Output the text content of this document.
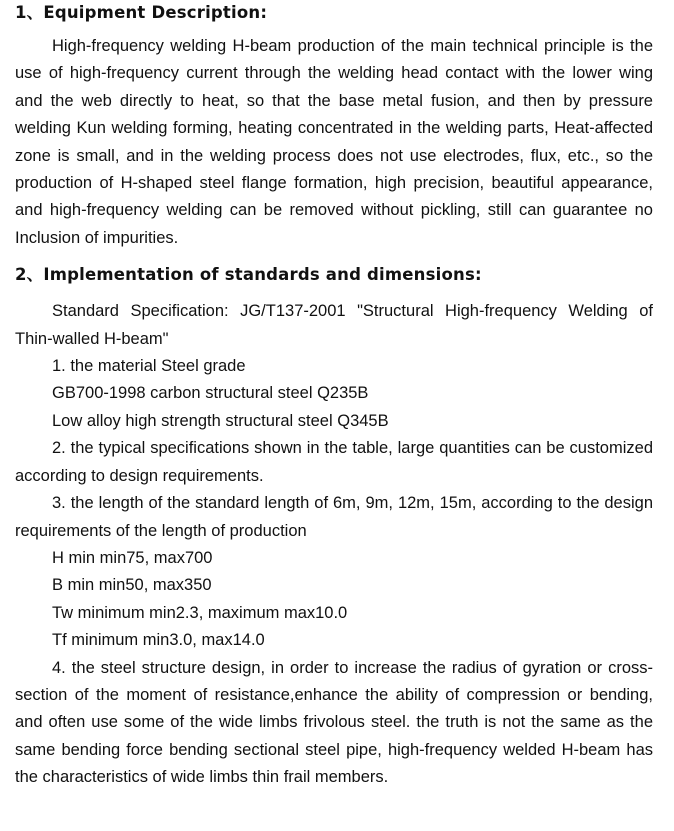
1、Equipment Description:

High-frequency welding H-beam production of the main technical principle is the use of high-frequency current through the welding head contact with the lower wing and the web directly to heat, so that the base metal fusion, and then by pressure welding Kun welding forming, heating concentrated in the welding parts, Heat-affected zone is small, and in the welding process does not use electrodes, flux, etc., so the production of H-shaped steel flange formation, high precision, beautiful appearance, and high-frequency welding can be removed without pickling, still can guarantee no Inclusion of impurities.

2、Implementation of standards and dimensions:

Standard Specification: JG/T137-2001 "Structural High-frequency Welding of Thin-walled H-beam"

1. the material Steel grade

GB700-1998 carbon structural steel Q235B

Low alloy high strength structural steel Q345B

2. the typical specifications shown in the table, large quantities can be customized according to design requirements.

3. the length of the standard length of 6m, 9m, 12m, 15m, according to the design requirements of the length of production

H min min75, max700

B min min50, max350

Tw minimum min2.3, maximum max10.0

Tf minimum min3.0, max14.0

4. the steel structure design, in order to increase the radius of gyration or cross-section of the moment of resistance,enhance the ability of compression or bending, and often use some of the wide limbs frivolous steel. the truth is not the same as the same bending force bending sectional steel pipe, high-frequency welded H-beam has the characteristics of wide limbs thin frail members.
